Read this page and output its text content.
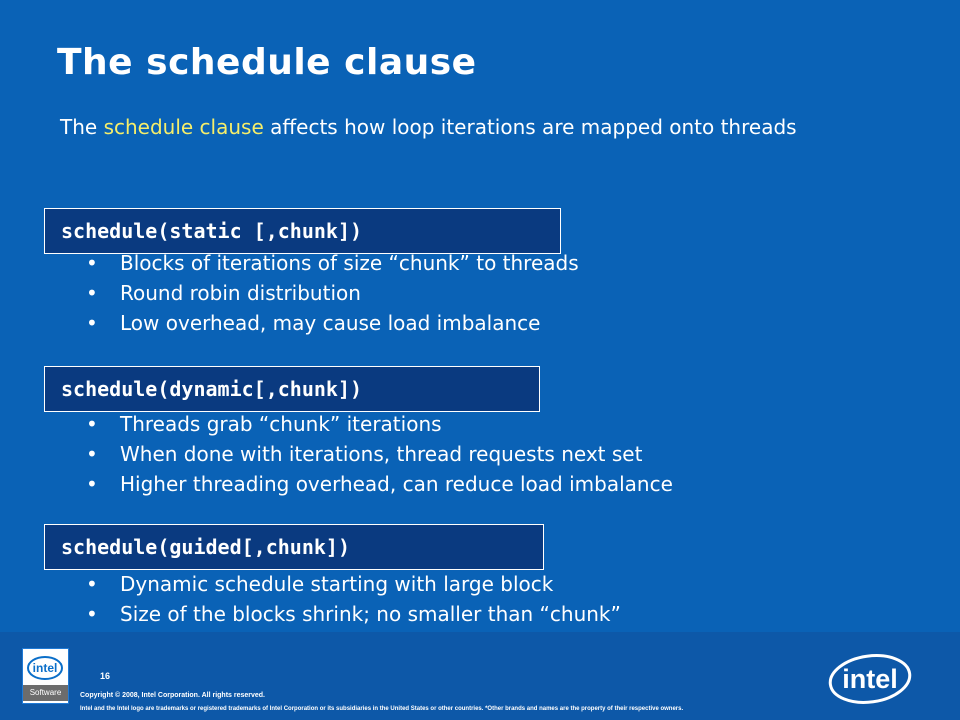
The schedule clause

The schedule clause affects how loop iterations are mapped onto threads

schedule(static [,chunk])
• Blocks of iterations of size “chunk” to threads
• Round robin distribution
• Low overhead, may cause load imbalance
schedule(dynamic[,chunk])
• Threads grab “chunk” iterations
• When done with iterations, thread requests next set
• Higher threading overhead, can reduce load imbalance
schedule(guided[,chunk])
• Dynamic schedule starting with large block
• Size of the blocks shrink; no smaller than “chunk”
intel
Software
16
Copyright © 2008, Intel Corporation. All rights reserved.
Intel and the Intel logo are trademarks or registered trademarks of Intel Corporation or its subsidiaries in the United States or other countries. *Other brands and names are the property of their respective owners.
intel
